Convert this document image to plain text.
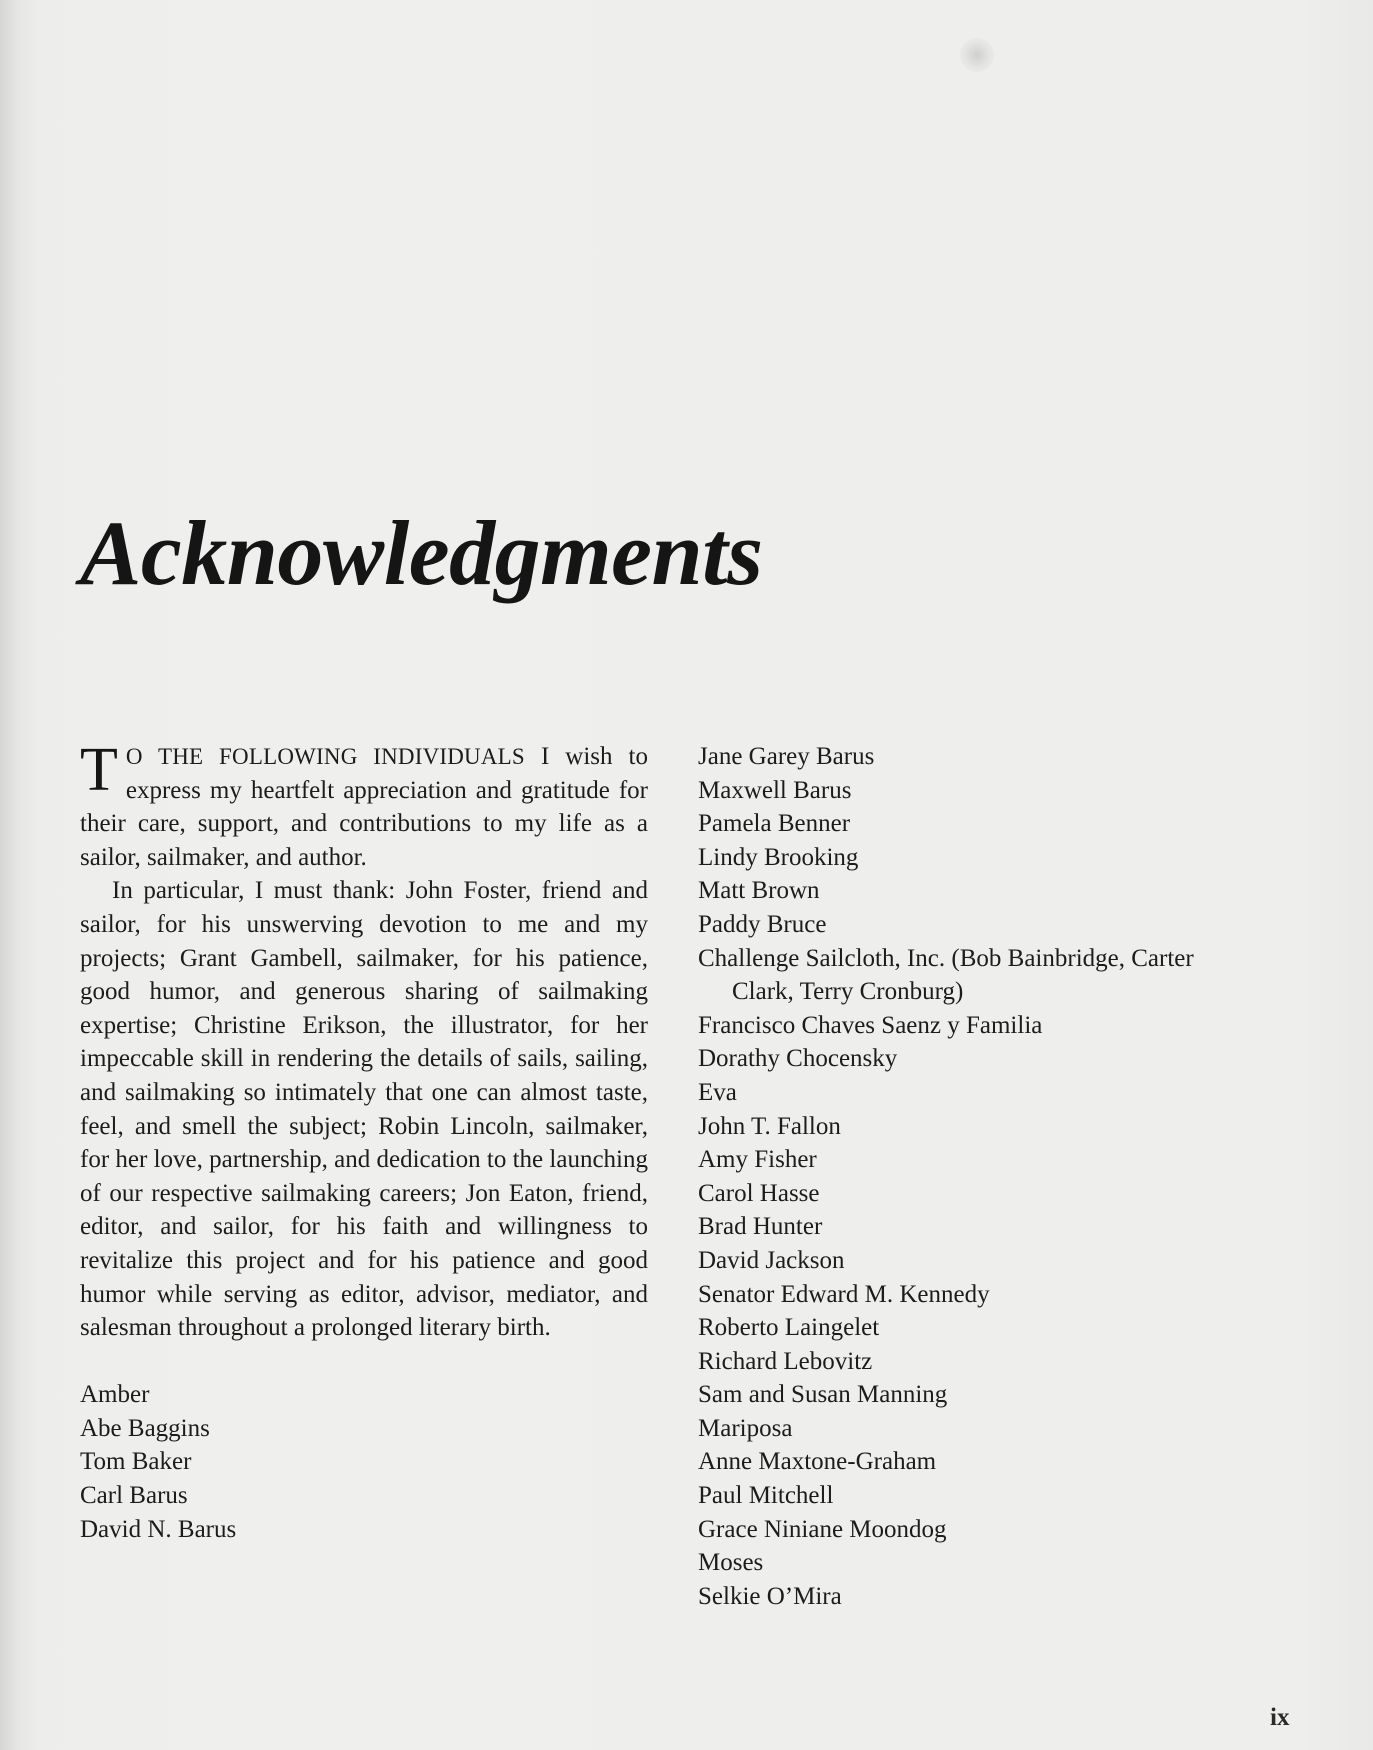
Acknowledgments

T O THE FOLLOWING INDIVIDUALS I wish to express my heartfelt appreciation and gratitude for their care, support, and contributions to my life as a sailor, sailmaker, and author.

In particular, I must thank: John Foster, friend and sailor, for his unswerving devotion to me and my projects; Grant Gambell, sailmaker, for his patience, good humor, and generous sharing of sailmaking expertise; Christine Erikson, the illustrator, for her impeccable skill in rendering the details of sails, sailing, and sailmaking so intimately that one can almost taste, feel, and smell the subject; Robin Lincoln, sailmaker, for her love, partnership, and dedication to the launching of our respective sailmaking careers; Jon Eaton, friend, editor, and sailor, for his faith and willingness to revitalize this project and for his patience and good humor while serving as editor, advisor, mediator, and salesman throughout a prolonged literary birth.

Amber
Abe Baggins
Tom Baker
Carl Barus
David N. Barus
Jane Garey Barus
Maxwell Barus
Pamela Benner
Lindy Brooking
Matt Brown
Paddy Bruce
Challenge Sailcloth, Inc. (Bob Bainbridge, Carter Clark, Terry Cronburg)
Francisco Chaves Saenz y Familia
Dorathy Chocensky
Eva
John T. Fallon
Amy Fisher
Carol Hasse
Brad Hunter
David Jackson
Senator Edward M. Kennedy
Roberto Laingelet
Richard Lebovitz
Sam and Susan Manning
Mariposa
Anne Maxtone-Graham
Paul Mitchell
Grace Niniane Moondog
Moses
Selkie O’Mira
ix
